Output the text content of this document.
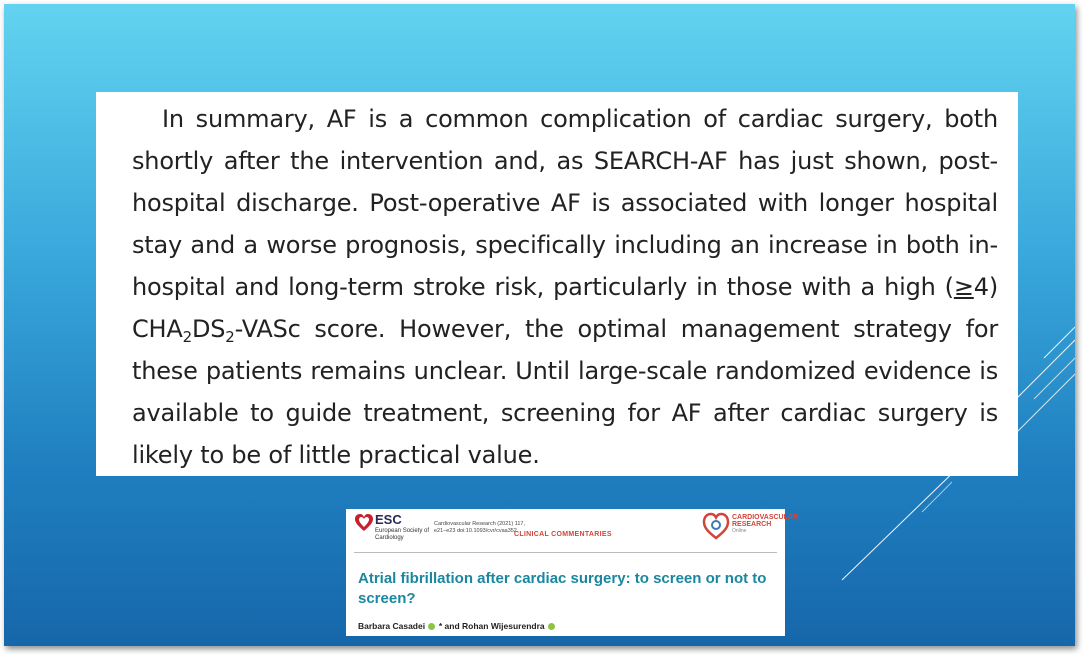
In summary, AF is a common complication of cardiac surgery, both shortly after the intervention and, as SEARCH-AF has just shown, post-hospital discharge. Post-operative AF is associated with longer hospital stay and a worse prognosis, specifically including an increase in both in-hospital and long-term stroke risk, particularly in those with a high (≥4) $CHA_2DS_2$-VASc score. However, the optimal management strategy for these patients remains unclear. Until large-scale randomized evidence is available to guide treatment, screening for AF after cardiac surgery is likely to be of little practical value.

ESC
European Society of Cardiology
Cardiovascular Research (2021) 117, e21–e23 doi:10.1093/cvr/cvaa352
CLINICAL COMMENTARIES
CARDIOVASCULAR RESEARCH
Online
Atrial fibrillation after cardiac surgery: to screen or not to screen?
Barbara Casadei * and Rohan Wijesurendra
